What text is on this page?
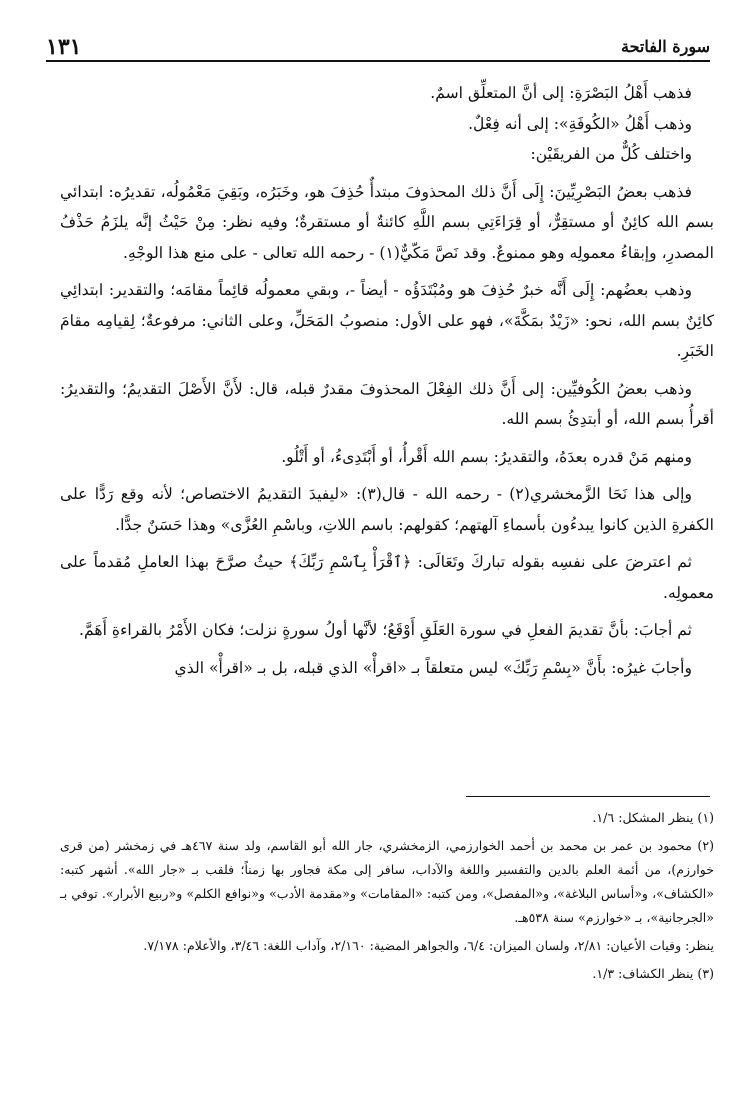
١٣١	سورة الفاتحة

فذهب أَهْلُ البَصْرَةِ: إلى أنَّ المتعلِّق اسمٌ.

وذهب أَهْلُ «الكُوفَةِ»: إلى أنه فِعْلٌ.

واختلف كُلٌّ من الفريقَيْن:

فذهب بعضُ البَصْرِيِّينَ: إِلَى أَنَّ ذلك المحذوفَ مبتدأٌ حُذِفَ هو، وخَبَرُه، وبَقِيَ مَعْمُولُه، تقديرُه: ابتدائي بسم الله كائِنٌ أو مستقِرٌّ، أو قِرَاءَتِي بسم اللَّهِ كائنةٌ أو مستقرةٌ؛ وفيه نظر: مِنْ حَيْثُ إنَّه يلزَمُ حَذْفُ المصدرِ، وإبقاءُ معمولِه وهو ممنوعٌ. وقد نَصَّ مَكّيٌّ(١) - رحمه الله تعالى - على منع هذا الوجْهِ.

وذهب بعضُهم: إِلَى أَنَّه خبرٌ حُذِفَ هو ومُبْتَدَؤُه - أيضاً -، وبقي معمولُه قائِماً مقامَه؛ والتقدير: ابتدائِي كائِنٌ بسم الله، نحو: «زَيْدٌ بمَكَّةَ»، فهو على الأول: منصوبُ المَحَلِّ، وعلى الثاني: مرفوعةٌ؛ لِقيامِه مقامَ الخَبَرِ.

وذهب بعضُ الكُوفيِّين: إلى أَنَّ ذلك الفِعْلَ المحذوفَ مقدرٌ قبله، قال: لأَنَّ الأَصْلَ التقديمُ؛ والتقديرُ: أقرأُ بسم الله، أو أبتدِئُ بسم الله.

ومنهم مَنْ قدره بعدَهُ، والتقديرُ: بسم الله أَقْرأُ، أو أَبْتَدِىءُ، أو أَتْلُو.

وإلى هذا نَحَا الزَّمخشري(٢) - رحمه الله - قال(٣): «ليفيدَ التقديمُ الاختصاص؛ لأنه وقع رَدًّا على الكفرةِ الذين كانوا يبدءُون بأسماءِ آلهتهم؛ كقولهم: باسم اللاتِ، وباسْمِ العُزَّى» وهذا حَسَنٌ جدًّا.

ثم اعترضَ على نفسِه بقوله تباركَ وتَعَالَى: ﴿ٱقْرَأْ بِٱسْمِ رَبِّكَ﴾ حيثُ صرَّحَ بهذا العاملِ مُقدماً على معمولِه.

ثم أجابَ: بأنَّ تقديمَ الفعلِ في سورة العَلَقِ أَوْقَعُ؛ لأنَّها أولُ سورةٍ نزلت؛ فكان الأَمْرُ بالقراءةِ أَهَمَّ.

وأجابَ غيرُه: بأَنَّ «بِسْمِ رَبِّكَ» ليس متعلقاً بـ «اقرأْ» الذي قبله، بل بـ «اقرأْ» الذي

(١) ينظر المشكل: ١/٦.

(٢) محمود بن عمر بن محمد بن أحمد الخوارزمي، الزمخشري، جار الله أبو القاسم، ولد سنة ٤٦٧هـ في زمخشر (من قرى خوارزم)، من أئمة العلم بالدين والتفسير واللغة والآداب، سافر إلى مكة فجاور بها زمناً؛ فلقب بـ «جار الله». أشهر كتبه: «الكشاف»، و«أساس البلاغة»، و«المفصل»، ومن كتبه: «المقامات» و«مقدمة الأدب» و«نوافع الكلم» و«ربيع الأبرار». توفي بـ «الجرجانية»، بـ «خوارزم» سنة ٥٣٨هـ.

ينظر: وفيات الأعيان: ٢/٨١، ولسان الميزان: ٦/٤، والجواهر المضية: ٢/١٦٠، وآداب اللغة: ٣/٤٦، والأعلام: ٧/١٧٨.

(٣) ينظر الكشاف: ١/٣.
